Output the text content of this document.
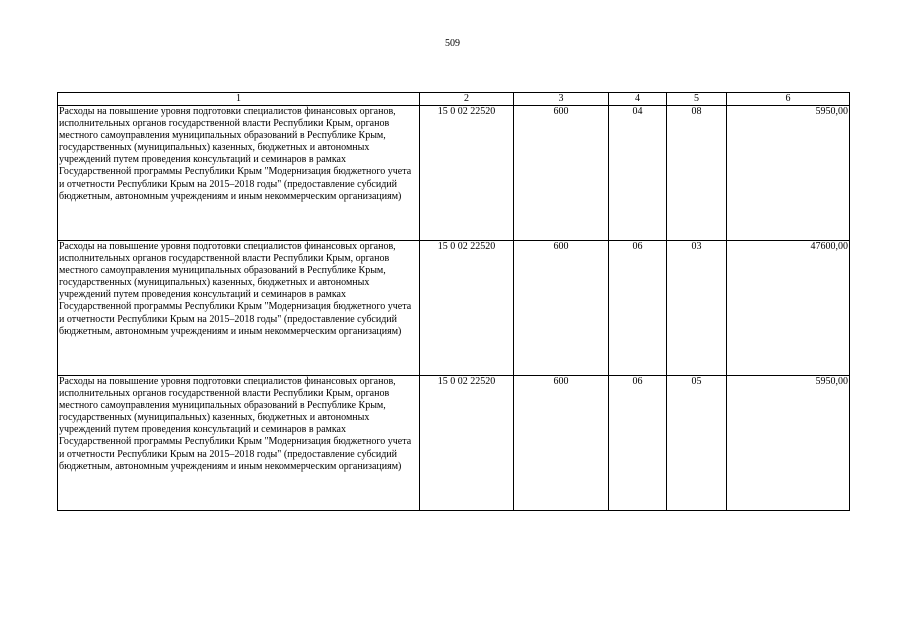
509
1	2	3	4	5	6
Расходы на повышение уровня подготовки специалистов финансовых органов, исполнительных органов государственной власти Республики Крым, органов местного самоуправления муниципальных образований в Республике Крым, государственных (муниципальных) казенных, бюджетных и автономных учреждений путем проведения консультаций и семинаров в рамках Государственной программы Республики Крым "Модернизация бюджетного учета и отчетности Республики Крым на 2015–2018 годы" (предоставление субсидий бюджетным, автономным учреждениям и иным некоммерческим организациям)	15 0 02 22520	600	04	08	5950,00
Расходы на повышение уровня подготовки специалистов финансовых органов, исполнительных органов государственной власти Республики Крым, органов местного самоуправления муниципальных образований в Республике Крым, государственных (муниципальных) казенных, бюджетных и автономных учреждений путем проведения консультаций и семинаров в рамках Государственной программы Республики Крым "Модернизация бюджетного учета и отчетности Республики Крым на 2015–2018 годы" (предоставление субсидий бюджетным, автономным учреждениям и иным некоммерческим организациям)	15 0 02 22520	600	06	03	47600,00
Расходы на повышение уровня подготовки специалистов финансовых органов, исполнительных органов государственной власти Республики Крым, органов местного самоуправления муниципальных образований в Республике Крым, государственных (муниципальных) казенных, бюджетных и автономных учреждений путем проведения консультаций и семинаров в рамках Государственной программы Республики Крым "Модернизация бюджетного учета и отчетности Республики Крым на 2015–2018 годы" (предоставление субсидий бюджетным, автономным учреждениям и иным некоммерческим организациям)	15 0 02 22520	600	06	05	5950,00
